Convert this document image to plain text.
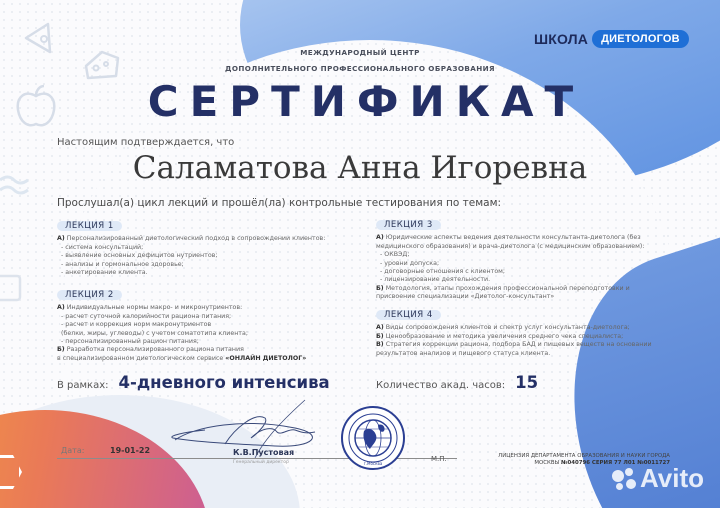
МЕЖДУНАРОДНЫЙ ЦЕНТР
ДОПОЛНИТЕЛЬНОГО ПРОФЕССИОНАЛЬНОГО ОБРАЗОВАНИЯ
ШКОЛА	ДИЕТОЛОГОВ
СЕРТИФИКАТ
Настоящим подтверждается, что
Саламатова Анна Игоревна
Прослушал(а) цикл лекций и прошёл(ла) контрольные тестирования по темам:
ЛЕКЦИЯ 1

А) Персонализированный диетологический подход в сопровождении клиентов:

- система консультаций;

- выявление основных дефицитов нутриентов;

- анализы и гормональное здоровье;

- анкетирование клиента.

ЛЕКЦИЯ 2

А) Индивидуальные нормы макро- и микронутриентов:

- расчет суточной калорийности рациона питания;

- расчет и коррекция норм макронутриентов

(белки, жиры, углеводы) с учетом соматотипа клиента;

- персонализированный рацион питания;

Б) Разработка персонализированного рациона питания

в специализированном диетологическом сервисе «ОНЛАЙН ДИЕТОЛОГ»

ЛЕКЦИЯ 3

А) Юридические аспекты ведения деятельности консультанта-диетолога (без

медицинского образования) и врача-диетолога (с медицинским образованием):

- ОКВЭД;

- уровни допуска;

- договорные отношения с клиентом;

- лицензирование деятельности.

Б) Методология, этапы прохождения профессиональной переподготовки и

присвоение специализации «Диетолог-консультант»

ЛЕКЦИЯ 4

А) Виды сопровождения клиентов и спектр услуг консультанта-диетолога;

Б) Ценообразование и методика увеличения среднего чека специалиста;

В) Стратегия коррекции рациона, подбора БАД и пищевых веществ на основании

результатов анализов и пищевого статуса клиента.

В рамках: 4-дневного интенсива	Количество акад. часов: 15
Дата:	19-01-22	К.В.Пустовая
Генеральный директор	г.Москва
М.П.	ЛИЦЕНЗИЯ ДЕПАРТАМЕНТА ОБРАЗОВАНИЯ И НАУКИ ГОРОДА
МОСКВЫ №040796 СЕРИЯ 77 Л01 №0011727
Avito
